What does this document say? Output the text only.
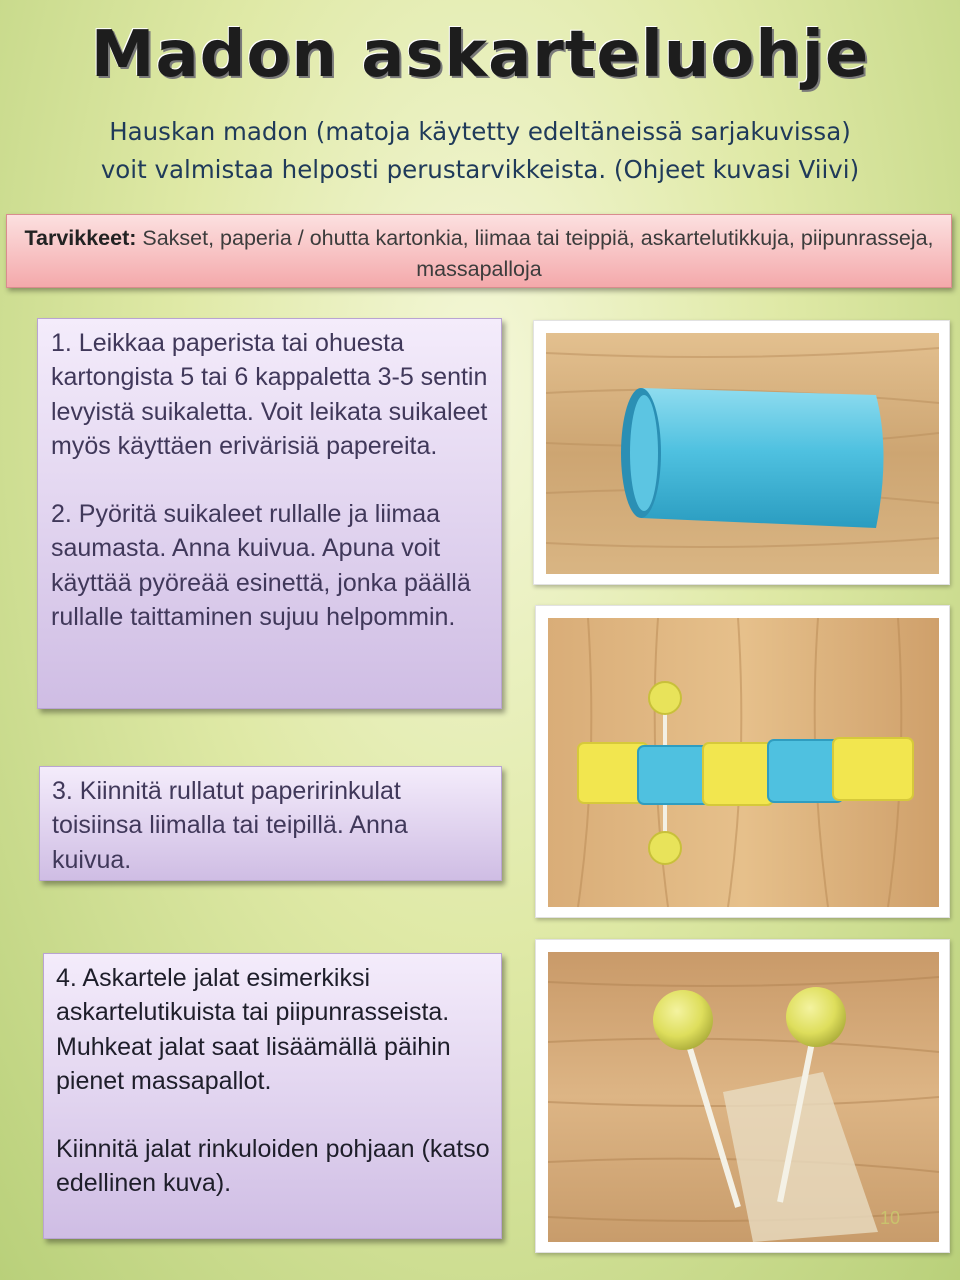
Madon askarteluohje
Hauskan madon (matoja käytetty edeltäneissä sarjakuvissa)
voit valmistaa helposti perustarvikkeista. (Ohjeet kuvasi Viivi)
Tarvikkeet: Sakset, paperia / ohutta kartonkia, liimaa tai teippiä, askartelutikkuja, piipunrasseja, massapalloja

1. Leikkaa paperista tai ohuesta kartongista 5 tai 6 kappaletta 3-5 sentin levyistä suikaletta. Voit leikata suikaleet myös käyttäen erivärisiä papereita.

2. Pyöritä suikaleet rullalle ja liimaa saumasta. Anna kuivua. Apuna voit käyttää pyöreää esinettä, jonka päällä rullalle taittaminen sujuu helpommin.

3. Kiinnitä rullatut paperirinkulat toisiinsa liimalla tai teipillä. Anna kuivua.

4. Askartele jalat esimerkiksi askartelutikuista tai piipunrasseista. Muhkeat jalat saat lisäämällä päihin pienet massapallot.

Kiinnitä jalat rinkuloiden pohjaan (katso edellinen kuva).

10
